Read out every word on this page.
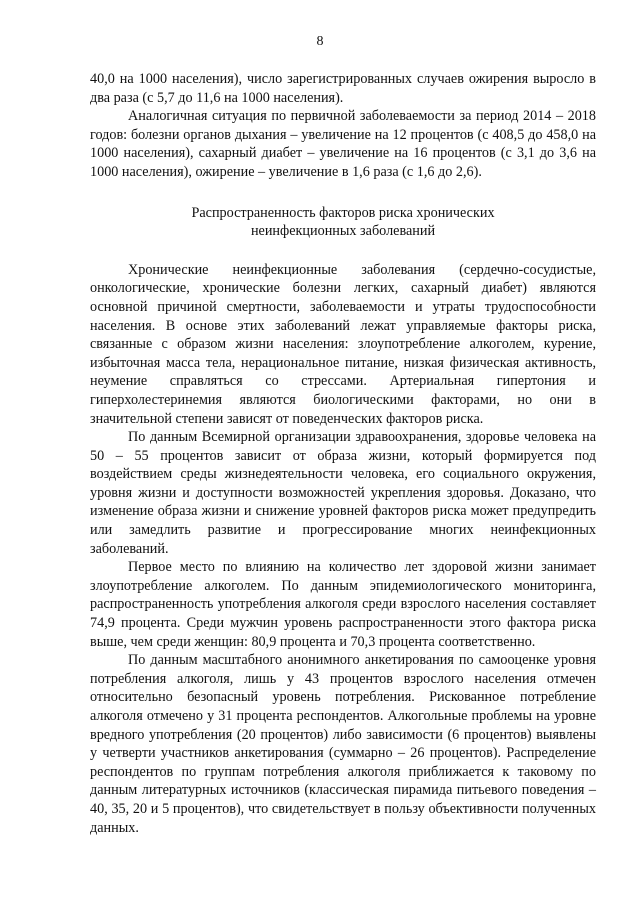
8

40,0 на 1000 населения), число зарегистрированных случаев ожирения выросло в два раза (с 5,7 до 11,6 на 1000 населения).

Аналогичная ситуация по первичной заболеваемости за период 2014 – 2018 годов: болезни органов дыхания – увеличение на 12 процентов (с 408,5 до 458,0 на 1000 населения), сахарный диабет – увеличение на 16 процентов (с 3,1 до 3,6 на 1000 населения), ожирение – увеличение в 1,6 раза (с 1,6 до 2,6).

Распространенность факторов риска хронических
неинфекционных заболеваний

Хронические неинфекционные заболевания (сердечно-сосудистые, онкологические, хронические болезни легких, сахарный диабет) являются основной причиной смертности, заболеваемости и утраты трудоспособности населения. В основе этих заболеваний лежат управляемые факторы риска, связанные с образом жизни населения: злоупотребление алкоголем, курение, избыточная масса тела, нерациональное питание, низкая физическая активность, неумение справляться со стрессами. Артериальная гипертония и гиперхолестеринемия являются биологическими факторами, но они в значительной степени зависят от поведенческих факторов риска.

По данным Всемирной организации здравоохранения, здоровье человека на 50 – 55 процентов зависит от образа жизни, который формируется под воздействием среды жизнедеятельности человека, его социального окружения, уровня жизни и доступности возможностей укрепления здоровья. Доказано, что изменение образа жизни и снижение уровней факторов риска может предупредить или замедлить развитие и прогрессирование многих неинфекционных заболеваний.

Первое место по влиянию на количество лет здоровой жизни занимает злоупотребление алкоголем. По данным эпидемиологического мониторинга, распространенность употребления алкоголя среди взрослого населения составляет 74,9 процента. Среди мужчин уровень распространенности этого фактора риска выше, чем среди женщин: 80,9 процента и 70,3 процента соответственно.

По данным масштабного анонимного анкетирования по самооценке уровня потребления алкоголя, лишь у 43 процентов взрослого населения отмечен относительно безопасный уровень потребления. Рискованное потребление алкоголя отмечено у 31 процента респондентов. Алкогольные проблемы на уровне вредного употребления (20 процентов) либо зависимости (6 процентов) выявлены у четверти участников анкетирования (суммарно – 26 процентов). Распределение респондентов по группам потребления алкоголя приближается к таковому по данным литературных источников (классическая пирамида питьевого поведения – 40, 35, 20 и 5 процентов), что свидетельствует в пользу объективности полученных данных.
